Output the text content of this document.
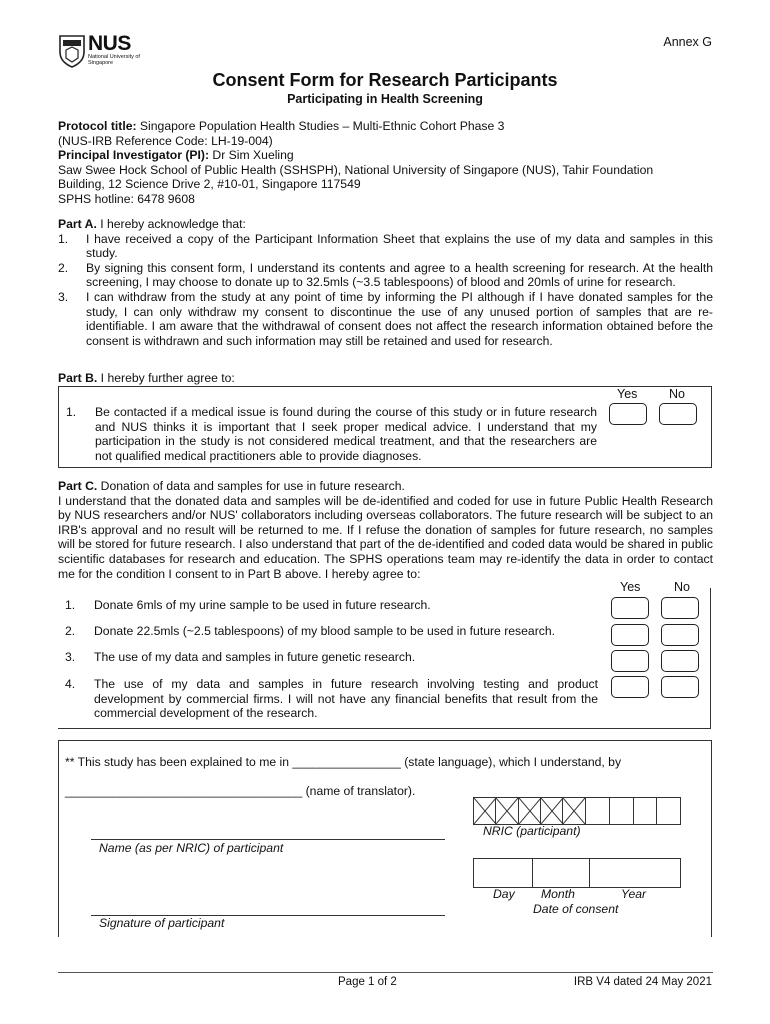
NUS
National University of Singapore
Annex G
Consent Form for Research Participants
Participating in Health Screening
Protocol title: Singapore Population Health Studies – Multi-Ethnic Cohort Phase 3
(NUS-IRB Reference Code: LH-19-004)
Principal Investigator (PI): Dr Sim Xueling
Saw Swee Hock School of Public Health (SSHSPH), National University of Singapore (NUS), Tahir Foundation
Building, 12 Science Drive 2, #10-01, Singapore 117549
SPHS hotline: 6478 9608
Part A. I hereby acknowledge that:
1. I have received a copy of the Participant Information Sheet that explains the use of my data and samples in this study.
2. By signing this consent form, I understand its contents and agree to a health screening for research. At the health screening, I may choose to donate up to 32.5mls (~3.5 tablespoons) of blood and 20mls of urine for research.
3. I can withdraw from the study at any point of time by informing the PI although if I have donated samples for the study, I can only withdraw my consent to discontinue the use of any unused portion of samples that are re-identifiable. I am aware that the withdrawal of consent does not affect the research information obtained before the consent is withdrawn and such information may still be retained and used for research.
Part B. I hereby further agree to:
Yes	No
1. Be contacted if a medical issue is found during the course of this study or in future research and NUS thinks it is important that I seek proper medical advice. I understand that my participation in the study is not considered medical treatment, and that the researchers are not qualified medical practitioners able to provide diagnoses.
Part C. Donation of data and samples for use in future research.
I understand that the donated data and samples will be de-identified and coded for use in future Public Health Research by NUS researchers and/or NUS' collaborators including overseas collaborators. The future research will be subject to an IRB's approval and no result will be returned to me. If I refuse the donation of samples for future research, no samples will be stored for future research. I also understand that part of the de-identified and coded data would be shared in public scientific databases for research and education. The SPHS operations team may re-identify the data in order to contact me for the condition I consent to in Part B above. I hereby agree to:
Yes	No
1. Donate 6mls of my urine sample to be used in future research.
2. Donate 22.5mls (~2.5 tablespoons) of my blood sample to be used in future research.
3. The use of my data and samples in future genetic research.
4. The use of my data and samples in future research involving testing and product development by commercial firms. I will not have any financial benefits that result from the commercial development of the research.
** This study has been explained to me in ________________ (state language), which I understand, by
___________________________________ (name of translator).
NRIC (participant)
Name (as per NRIC) of participant
Day Month	Year
Date of consent
Signature of participant
Page 1 of 2	IRB V4 dated 24 May 2021
